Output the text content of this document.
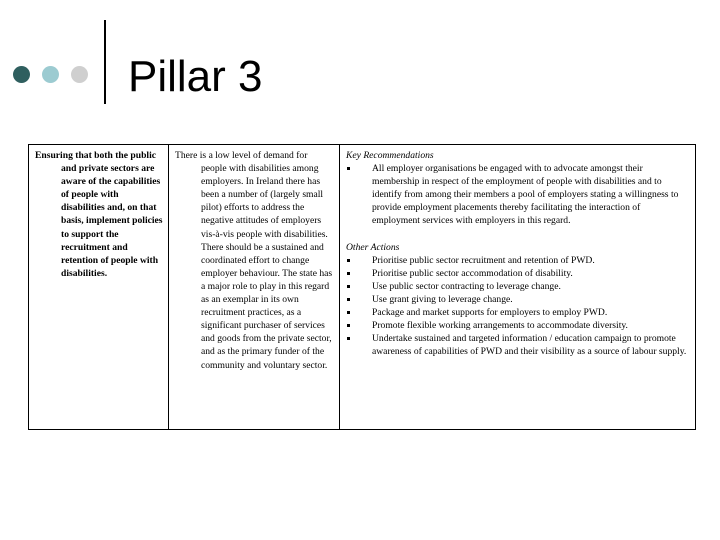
Pillar 3

Ensuring that both the public and private sectors are aware of the capabilities of people with disabilities and, on that basis, implement policies to support the recruitment and retention of people with disabilities.

There is a low level of demand for people with disabilities among employers. In Ireland there has been a number of (largely small pilot) efforts to address the negative attitudes of employers vis-à-vis people with disabilities. There should be a sustained and coordinated effort to change employer behaviour. The state has a major role to play in this regard as an exemplar in its own recruitment practices, as a significant purchaser of services and goods from the private sector, and as the primary funder of the community and voluntary sector.

Key Recommendations
All employer organisations be engaged with to advocate amongst their membership in respect of the employment of people with disabilities and to identify from among their members a pool of employers stating a willingness to provide employment placements thereby facilitating the interaction of employment services with employers in this regard.
Other Actions
Prioritise public sector recruitment and retention of PWD.
Prioritise public sector accommodation of disability.
Use public sector contracting to leverage change.
Use grant giving to leverage change.
Package and market supports for employers to employ PWD.
Promote flexible working arrangements to accommodate diversity.
Undertake sustained and targeted information / education campaign to promote awareness of capabilities of PWD and their visibility as a source of labour supply.
